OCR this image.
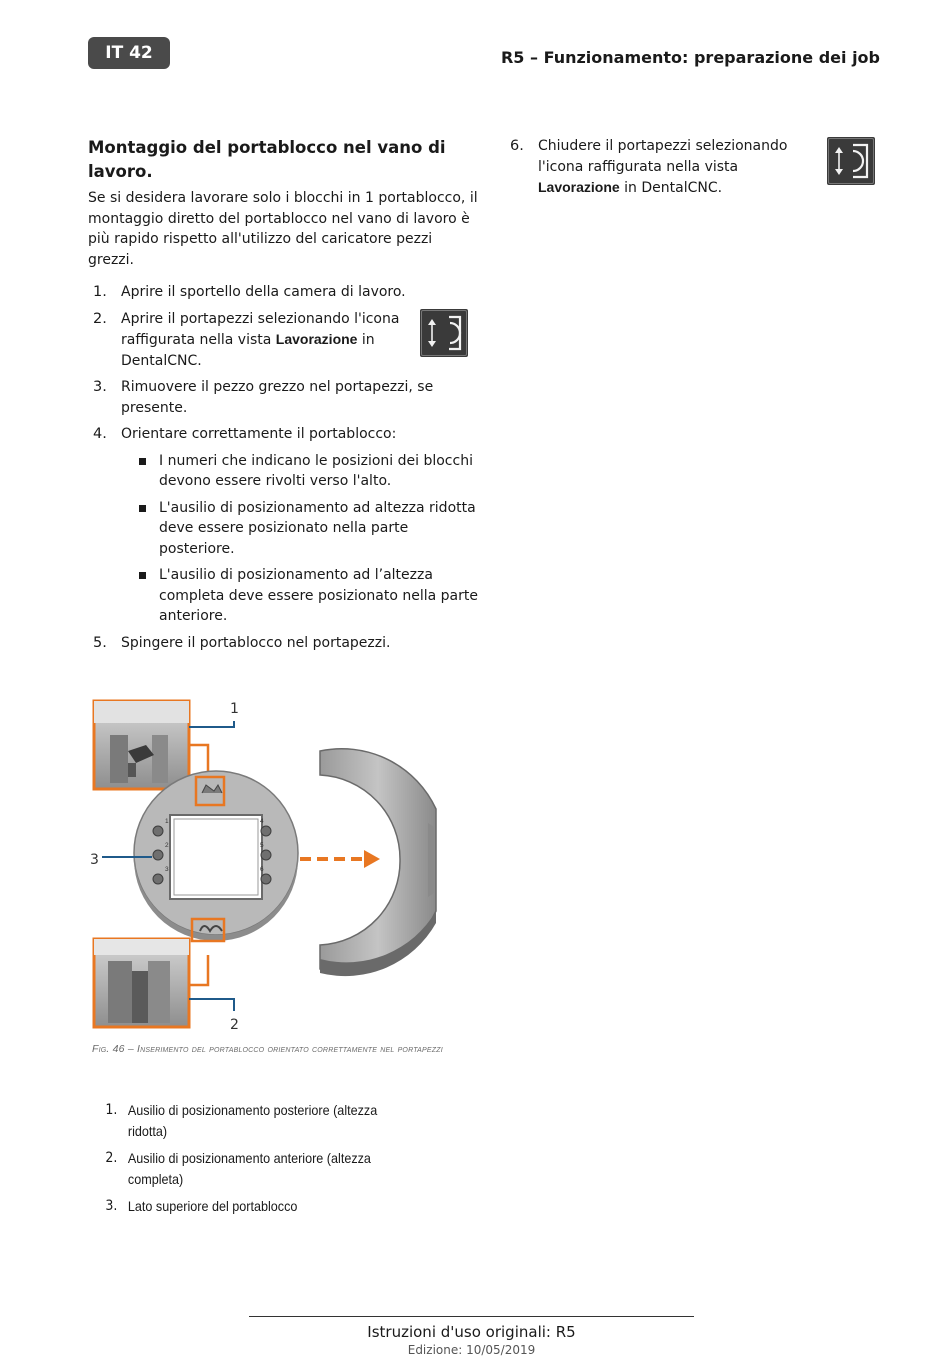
IT 42	R5 – Funzionamento: preparazione dei job
Montaggio del portablocco nel vano di lavoro.

Se si desidera lavorare solo i blocchi in 1 portablocco, il montaggio diretto del portablocco nel vano di lavoro è più rapido rispetto all'utilizzo del caricatore pezzi grezzi.

1. Aprire il sportello della camera di lavoro.
2. Aprire il portapezzi selezionando l'icona raffigurata nella vista Lavorazione in DentalCNC.
3. Rimuovere il pezzo grezzo nel portapezzi, se presente.
4. Orientare correttamente il portablocco:
I numeri che indicano le posizioni dei blocchi devono essere rivolti verso l'alto.
L'ausilio di posizionamento ad altezza ridotta deve essere posizionato nella parte posteriore.
L'ausilio di posizionamento ad l’altezza completa deve essere posizionato nella parte anteriore.
5. Spingere il portablocco nel portapezzi.
6. Chiudere il portapezzi selezionando l'icona raffigurata nella vista Lavorazione in DentalCNC.
1
2
3
4
5
6
1
2
3
Fig. 46 – Inserimento del portablocco orientato correttamente nel portapezzi
1. Ausilio di posizionamento posteriore (altezza ridotta)
2. Ausilio di posizionamento anteriore (altezza completa)
3. Lato superiore del portablocco
Istruzioni d'uso originali: R5
Edizione: 10/05/2019
